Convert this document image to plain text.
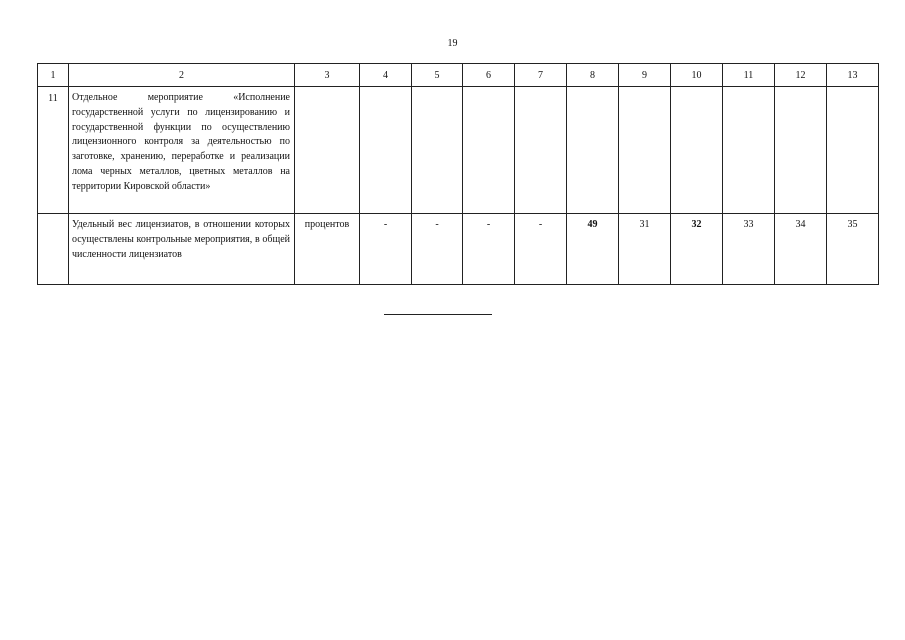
19
1	2	3	4	5	6	7	8	9	10	11	12	13
11	Отдельное мероприятие «Исполнение государственной услуги по лицензированию и государственной функции по осуществлению лицензионного контроля за деятельностью по заготовке, хранению, переработке и реализации лома черных металлов, цветных металлов на территории Кировской области»											
	Удельный вес лицензиатов, в отношении которых осуществлены контрольные мероприятия, в общей численности лицензиатов	процентов	-	-	-	-	49	31	32	33	34	35
